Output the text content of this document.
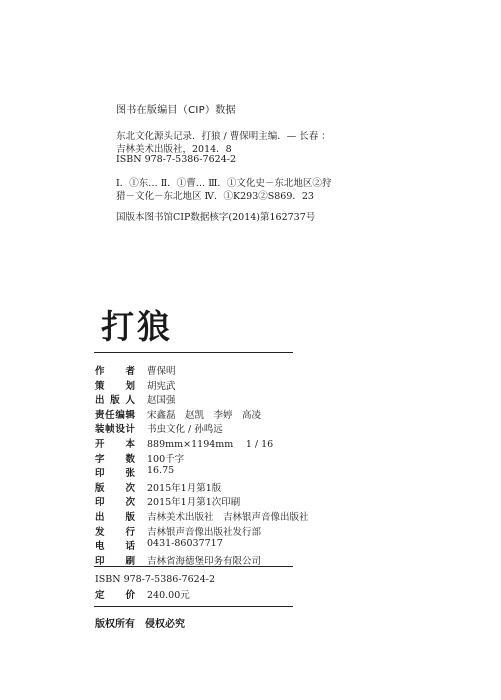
图书在版编目（CIP）数据
东北文化源头记录．打狼 / 曹保明主编．— 长春 ：
吉林美术出版社，2014．8
ISBN 978-7-5386-7624-2
Ⅰ．①东… Ⅱ．①曹… Ⅲ．①文化史－东北地区②狩
猎－文化－东北地区 Ⅳ．①K293②S869．23
国版本图书馆CIP数据核字(2014)第162737号
打狼
作 者 曹保明
策 划 胡宪武
出 版 人 赵国强
责 任 编 辑 宋鑫磊　赵凯　李婷　高凌
装 帧 设 计 书虫文化 / 孙鸣远
开 本 889mm×1194mm　 1 / 16
字 数 100千字
印 张 16.75
版 次 2015年1月第1版
印 次 2015年1月第1次印刷
出 版 吉林美术出版社　吉林银声音像出版社
发 行 吉林银声音像出版社发行部
电 话 0431-86037717
印 刷 吉林省海德堡印务有限公司
ISBN 978-7-5386-7624-2
定 价 240.00元
版权所有　侵权必究
